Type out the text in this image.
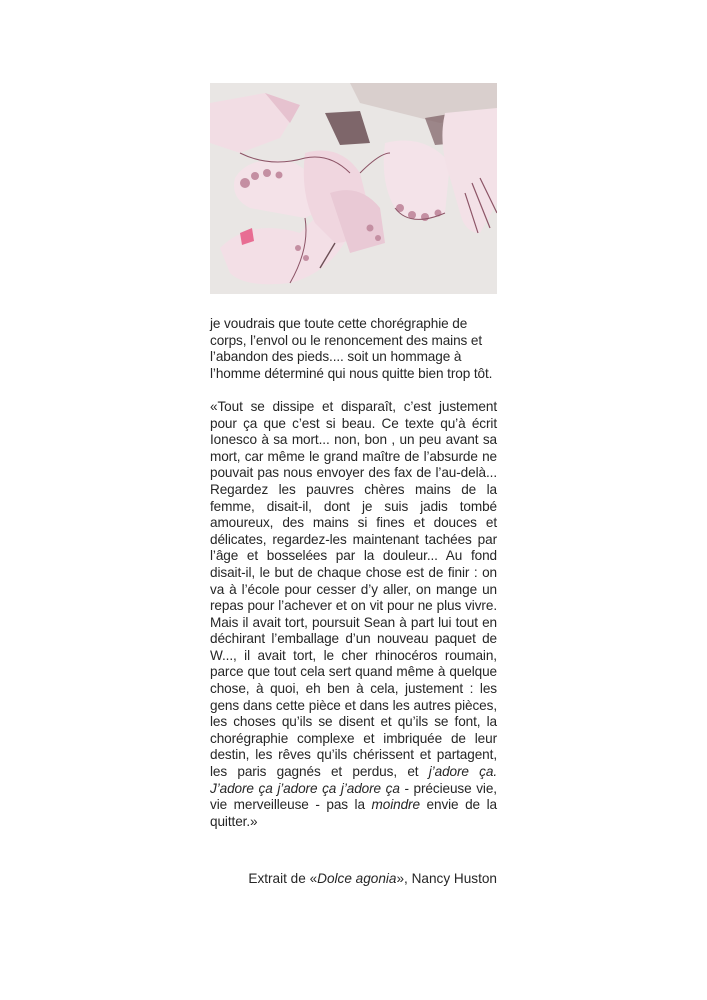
je voudrais que toute cette chorégraphie de corps, l’envol ou le renoncement des mains et l’abandon des pieds.... soit un hommage à l’homme déterminé qui nous quitte bien trop tôt.

«Tout se dissipe et disparaît, c’est justement pour ça que c’est si beau. Ce texte qu’à écrit Ionesco à sa mort... non, bon , un peu avant sa mort, car même le grand maître de l’absurde ne pouvait pas nous envoyer des fax de l’au-delà... Regardez les pauvres chères mains de la femme, disait-il, dont je suis jadis tombé amoureux, des mains si fines et douces et délicates, regardez-les maintenant tachées par l’âge et bosselées par la douleur... Au fond disait-il, le but de chaque chose est de finir : on va à l’école pour cesser d’y aller, on mange un repas pour l’achever et on vit pour ne plus vivre. Mais il avait tort, poursuit Sean à part lui tout en déchirant l’emballage d’un nouveau paquet de W..., il avait tort, le cher rhinocéros roumain, parce que tout cela sert quand même à quelque chose, à quoi, eh ben à cela, justement : les gens dans cette pièce et dans les autres pièces, les choses qu’ils se disent et qu’ils se font, la chorégraphie complexe et imbriquée de leur destin, les rêves qu’ils chérissent et partagent, les paris gagnés et perdus, et j’adore ça. J’adore ça j’adore ça j’adore ça - précieuse vie, vie merveilleuse - pas la moindre envie de la quitter.»

Extrait de «Dolce agonia», Nancy Huston
